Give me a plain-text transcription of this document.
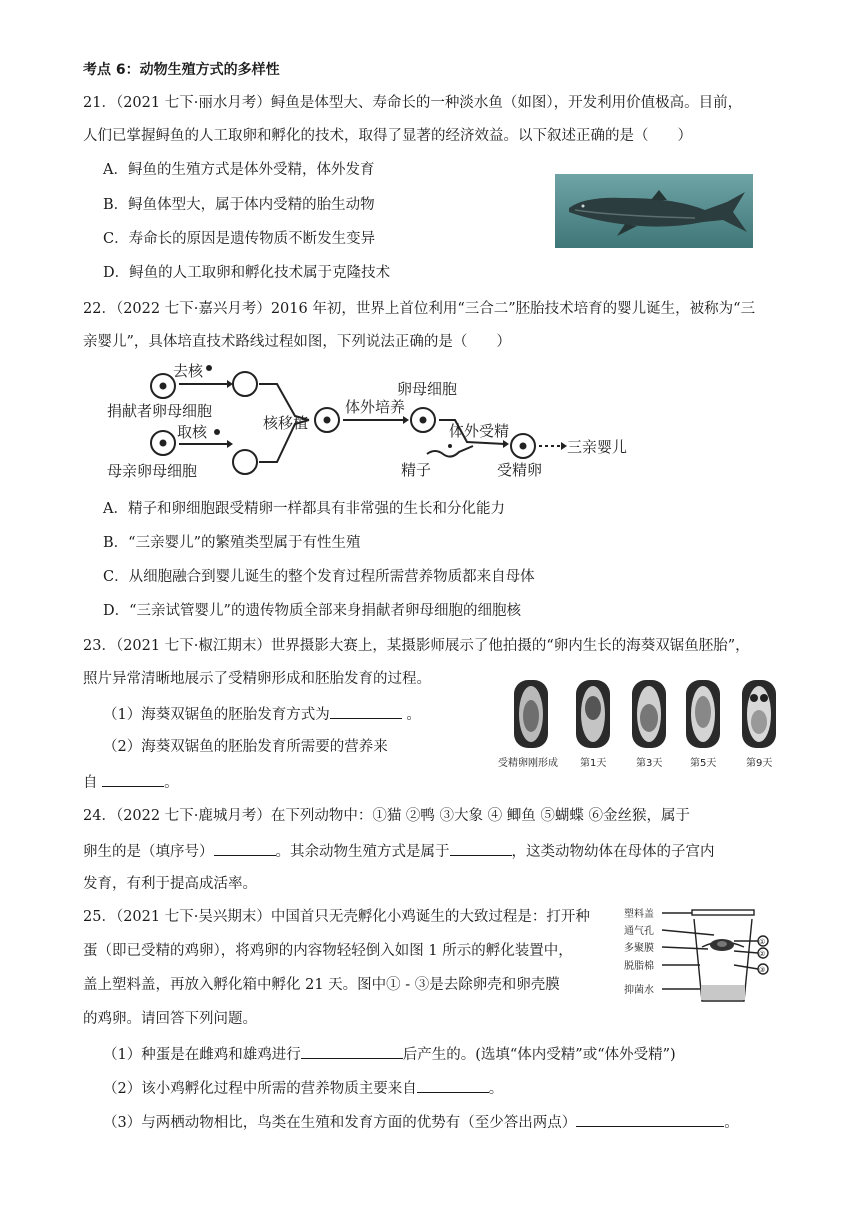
考点 6：动物生殖方式的多样性
21．（2021 七下·丽水月考）鲟鱼是体型大、寿命长的一种淡水鱼（如图），开发利用价值极高。目前，
人们已掌握鲟鱼的人工取卵和孵化的技术，取得了显著的经济效益。以下叙述正确的是（　　）
A．鲟鱼的生殖方式是体外受精，体外发育
B．鲟鱼体型大，属于体内受精的胎生动物
C．寿命长的原因是遗传物质不断发生变异
D．鲟鱼的人工取卵和孵化技术属于克隆技术
22．（2022 七下·嘉兴月考）2016 年初，世界上首位利用“三合二”胚胎技术培育的婴儿诞生，被称为“三
亲婴儿”，具体培直技术路线过程如图，下列说法正确的是（　　）
去核
捐献者卵母细胞
取核
母亲卵母细胞
核移植
体外培养
卵母细胞
体外受精
精子	受精卵
三亲婴儿
A．精子和卵细胞跟受精卵一样都具有非常强的生长和分化能力
B．“三亲婴儿”的繁殖类型属于有性生殖
C．从细胞融合到婴儿诞生的整个发育过程所需营养物质都来自母体
D．“三亲试管婴儿”的遗传物质全部来身捐献者卵母细胞的细胞核
23．（2021 七下·椒江期末）世界摄影大赛上，某摄影师展示了他拍摄的“卵内生长的海葵双锯鱼胚胎”，
照片异常清晰地展示了受精卵形成和胚胎发育的过程。
（1）海葵双锯鱼的胚胎发育方式为	。
（2）海葵双锯鱼的胚胎发育所需要的营养来
自	。
受精卵刚形成 第1天	第3天	第5天	第9天
24．（2022 七下·鹿城月考）在下列动物中：①猫 ②鸭 ③大象 ④ 鲫鱼 ⑤蝴蝶 ⑥金丝猴，属于
卵生的是（填序号）	。其余动物生殖方式是属于	，这类动物幼体在母体的子宫内
发育，有利于提高成活率。
25．（2021 七下·吴兴期末）中国首只无壳孵化小鸡诞生的大致过程是：打开种
蛋（即已受精的鸡卵），将鸡卵的内容物轻轻倒入如图 1 所示的孵化装置中，
盖上塑料盖，再放入孵化箱中孵化 21 天。图中① - ③是去除卵壳和卵壳膜
的鸡卵。请回答下列问题。
塑料盖
通气孔
多聚膜
脱脂棉
抑菌水
①
②
③
（1）种蛋是在雌鸡和雄鸡进行	后产生的。(选填“体内受精”或“体外受精”)
（2）该小鸡孵化过程中所需的营养物质主要来自	。
（3）与两栖动物相比，鸟类在生殖和发育方面的优势有（至少答出两点）	。
